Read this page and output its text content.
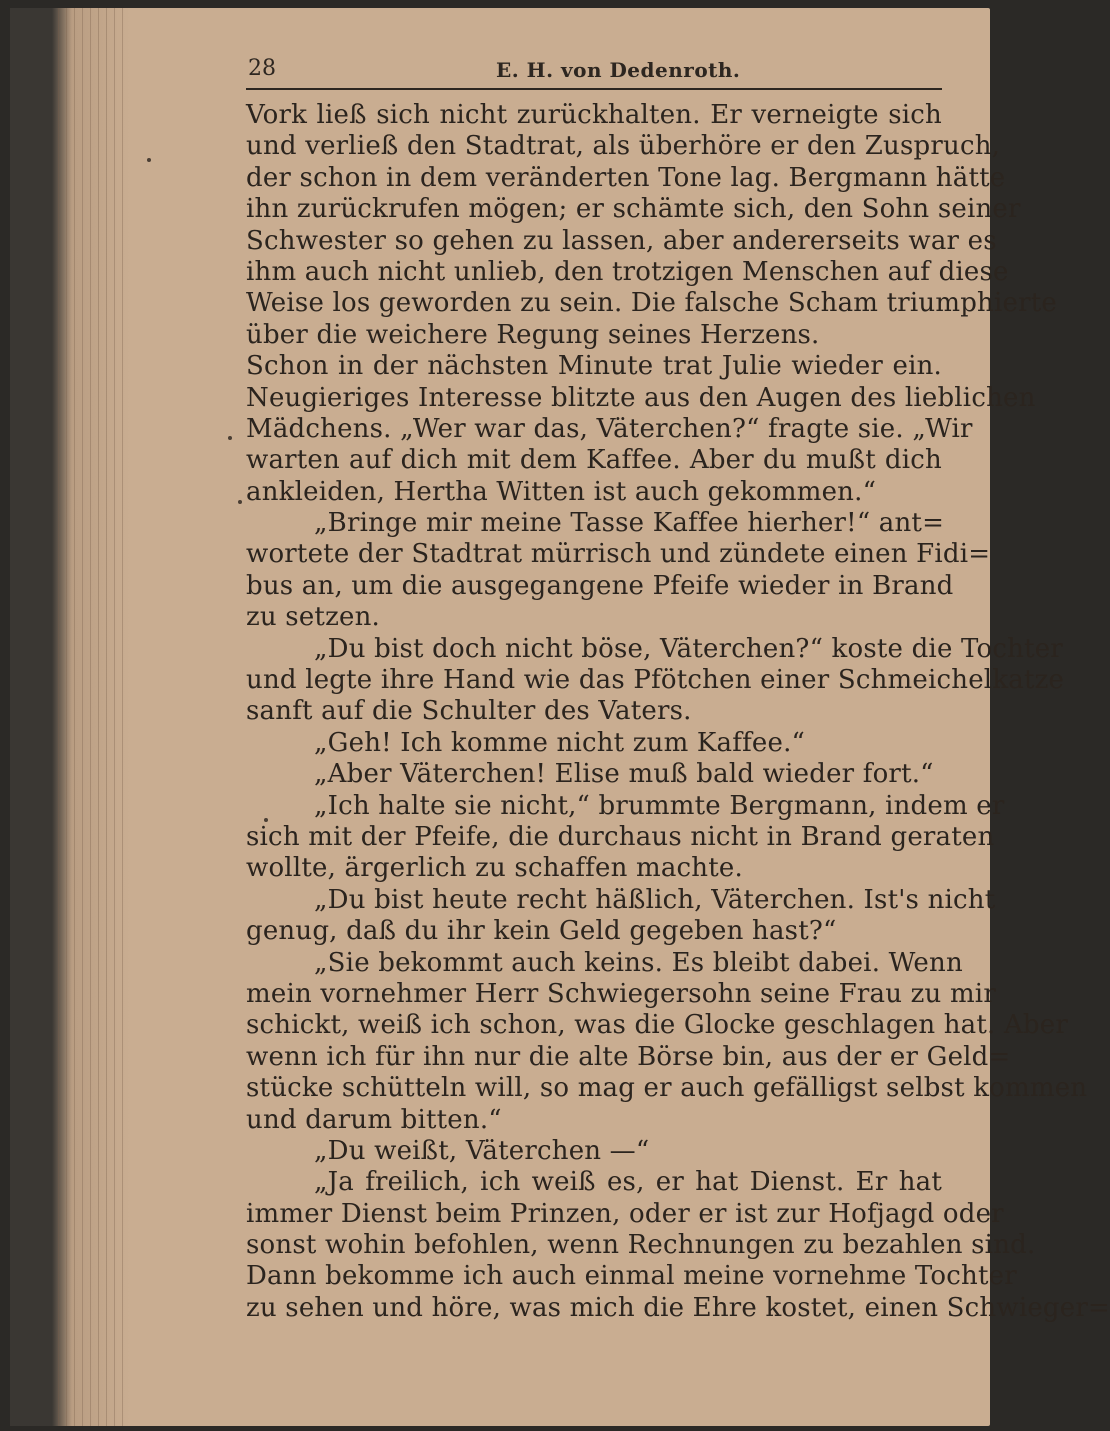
28	E. H. von Dedenroth.
Vork ließ sich nicht zurückhalten. Er verneigte sich
und verließ den Stadtrat, als überhöre er den Zuspruch,
der schon in dem veränderten Tone lag. Bergmann hätte
ihn zurückrufen mögen; er schämte sich, den Sohn seiner
Schwester so gehen zu lassen, aber andererseits war es
ihm auch nicht unlieb, den trotzigen Menschen auf diese
Weise los geworden zu sein. Die falsche Scham triumphierte
über die weichere Regung seines Herzens.
Schon in der nächsten Minute trat Julie wieder ein.
Neugieriges Interesse blitzte aus den Augen des lieblichen
Mädchens. „Wer war das, Väterchen?“ fragte sie. „Wir
warten auf dich mit dem Kaffee. Aber du mußt dich
ankleiden, Hertha Witten ist auch gekommen.“
„Bringe mir meine Tasse Kaffee hierher!“ ant=
wortete der Stadtrat mürrisch und zündete einen Fidi=
bus an, um die ausgegangene Pfeife wieder in Brand
zu setzen.
„Du bist doch nicht böse, Väterchen?“ koste die Tochter
und legte ihre Hand wie das Pfötchen einer Schmeichelkatze
sanft auf die Schulter des Vaters.
„Geh! Ich komme nicht zum Kaffee.“
„Aber Väterchen! Elise muß bald wieder fort.“
„Ich halte sie nicht,“ brummte Bergmann, indem er
sich mit der Pfeife, die durchaus nicht in Brand geraten
wollte, ärgerlich zu schaffen machte.
„Du bist heute recht häßlich, Väterchen. Ist's nicht
genug, daß du ihr kein Geld gegeben hast?“
„Sie bekommt auch keins. Es bleibt dabei. Wenn
mein vornehmer Herr Schwiegersohn seine Frau zu mir
schickt, weiß ich schon, was die Glocke geschlagen hat. Aber
wenn ich für ihn nur die alte Börse bin, aus der er Geld=
stücke schütteln will, so mag er auch gefälligst selbst kommen
und darum bitten.“
„Du weißt, Väterchen —“
„Ja freilich, ich weiß es, er hat Dienst. Er hat
immer Dienst beim Prinzen, oder er ist zur Hofjagd oder
sonst wohin befohlen, wenn Rechnungen zu bezahlen sind.
Dann bekomme ich auch einmal meine vornehme Tochter
zu sehen und höre, was mich die Ehre kostet, einen Schwieger=
